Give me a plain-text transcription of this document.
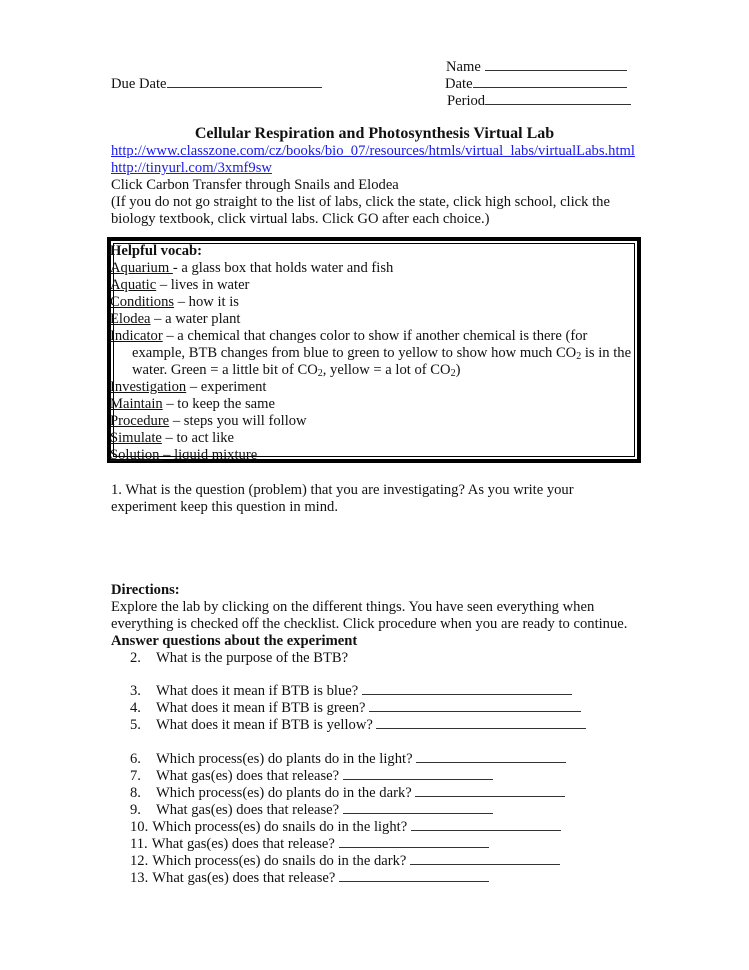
Name
Due Date	Date
Period
Cellular Respiration and Photosynthesis Virtual Lab
http://www.classzone.com/cz/books/bio_07/resources/htmls/virtual_labs/virtualLabs.html
http://tinyurl.com/3xmf9sw
Click Carbon Transfer through Snails and Elodea
(If you do not go straight to the list of labs, click the state, click high school, click the
biology textbook, click virtual labs. Click GO after each choice.)
Helpful vocab:
Aquarium - a glass box that holds water and fish
Aquatic – lives in water
Conditions – how it is
Elodea – a water plant
Indicator – a chemical that changes color to show if another chemical is there (for
example, BTB changes from blue to green to yellow to show how much $CO_2$ is in the
water. Green = a little bit of $CO_2$, yellow = a lot of $CO_2$)
Investigation – experiment
Maintain – to keep the same
Procedure – steps you will follow
Simulate – to act like
Solution – liquid mixture
1. What is the question (problem) that you are investigating? As you write your
experiment keep this question in mind.
Directions:
Explore the lab by clicking on the different things. You have seen everything when
everything is checked off the checklist. Click procedure when you are ready to continue.
Answer questions about the experiment
2. What is the purpose of the BTB?
3. What does it mean if BTB is blue?
4. What does it mean if BTB is green?
5. What does it mean if BTB is yellow?
6. Which process(es) do plants do in the light?
7. What gas(es) does that release?
8. Which process(es) do plants do in the dark?
9. What gas(es) does that release?
10. Which process(es) do snails do in the light?
11. What gas(es) does that release?
12. Which process(es) do snails do in the dark?
13. What gas(es) does that release?
